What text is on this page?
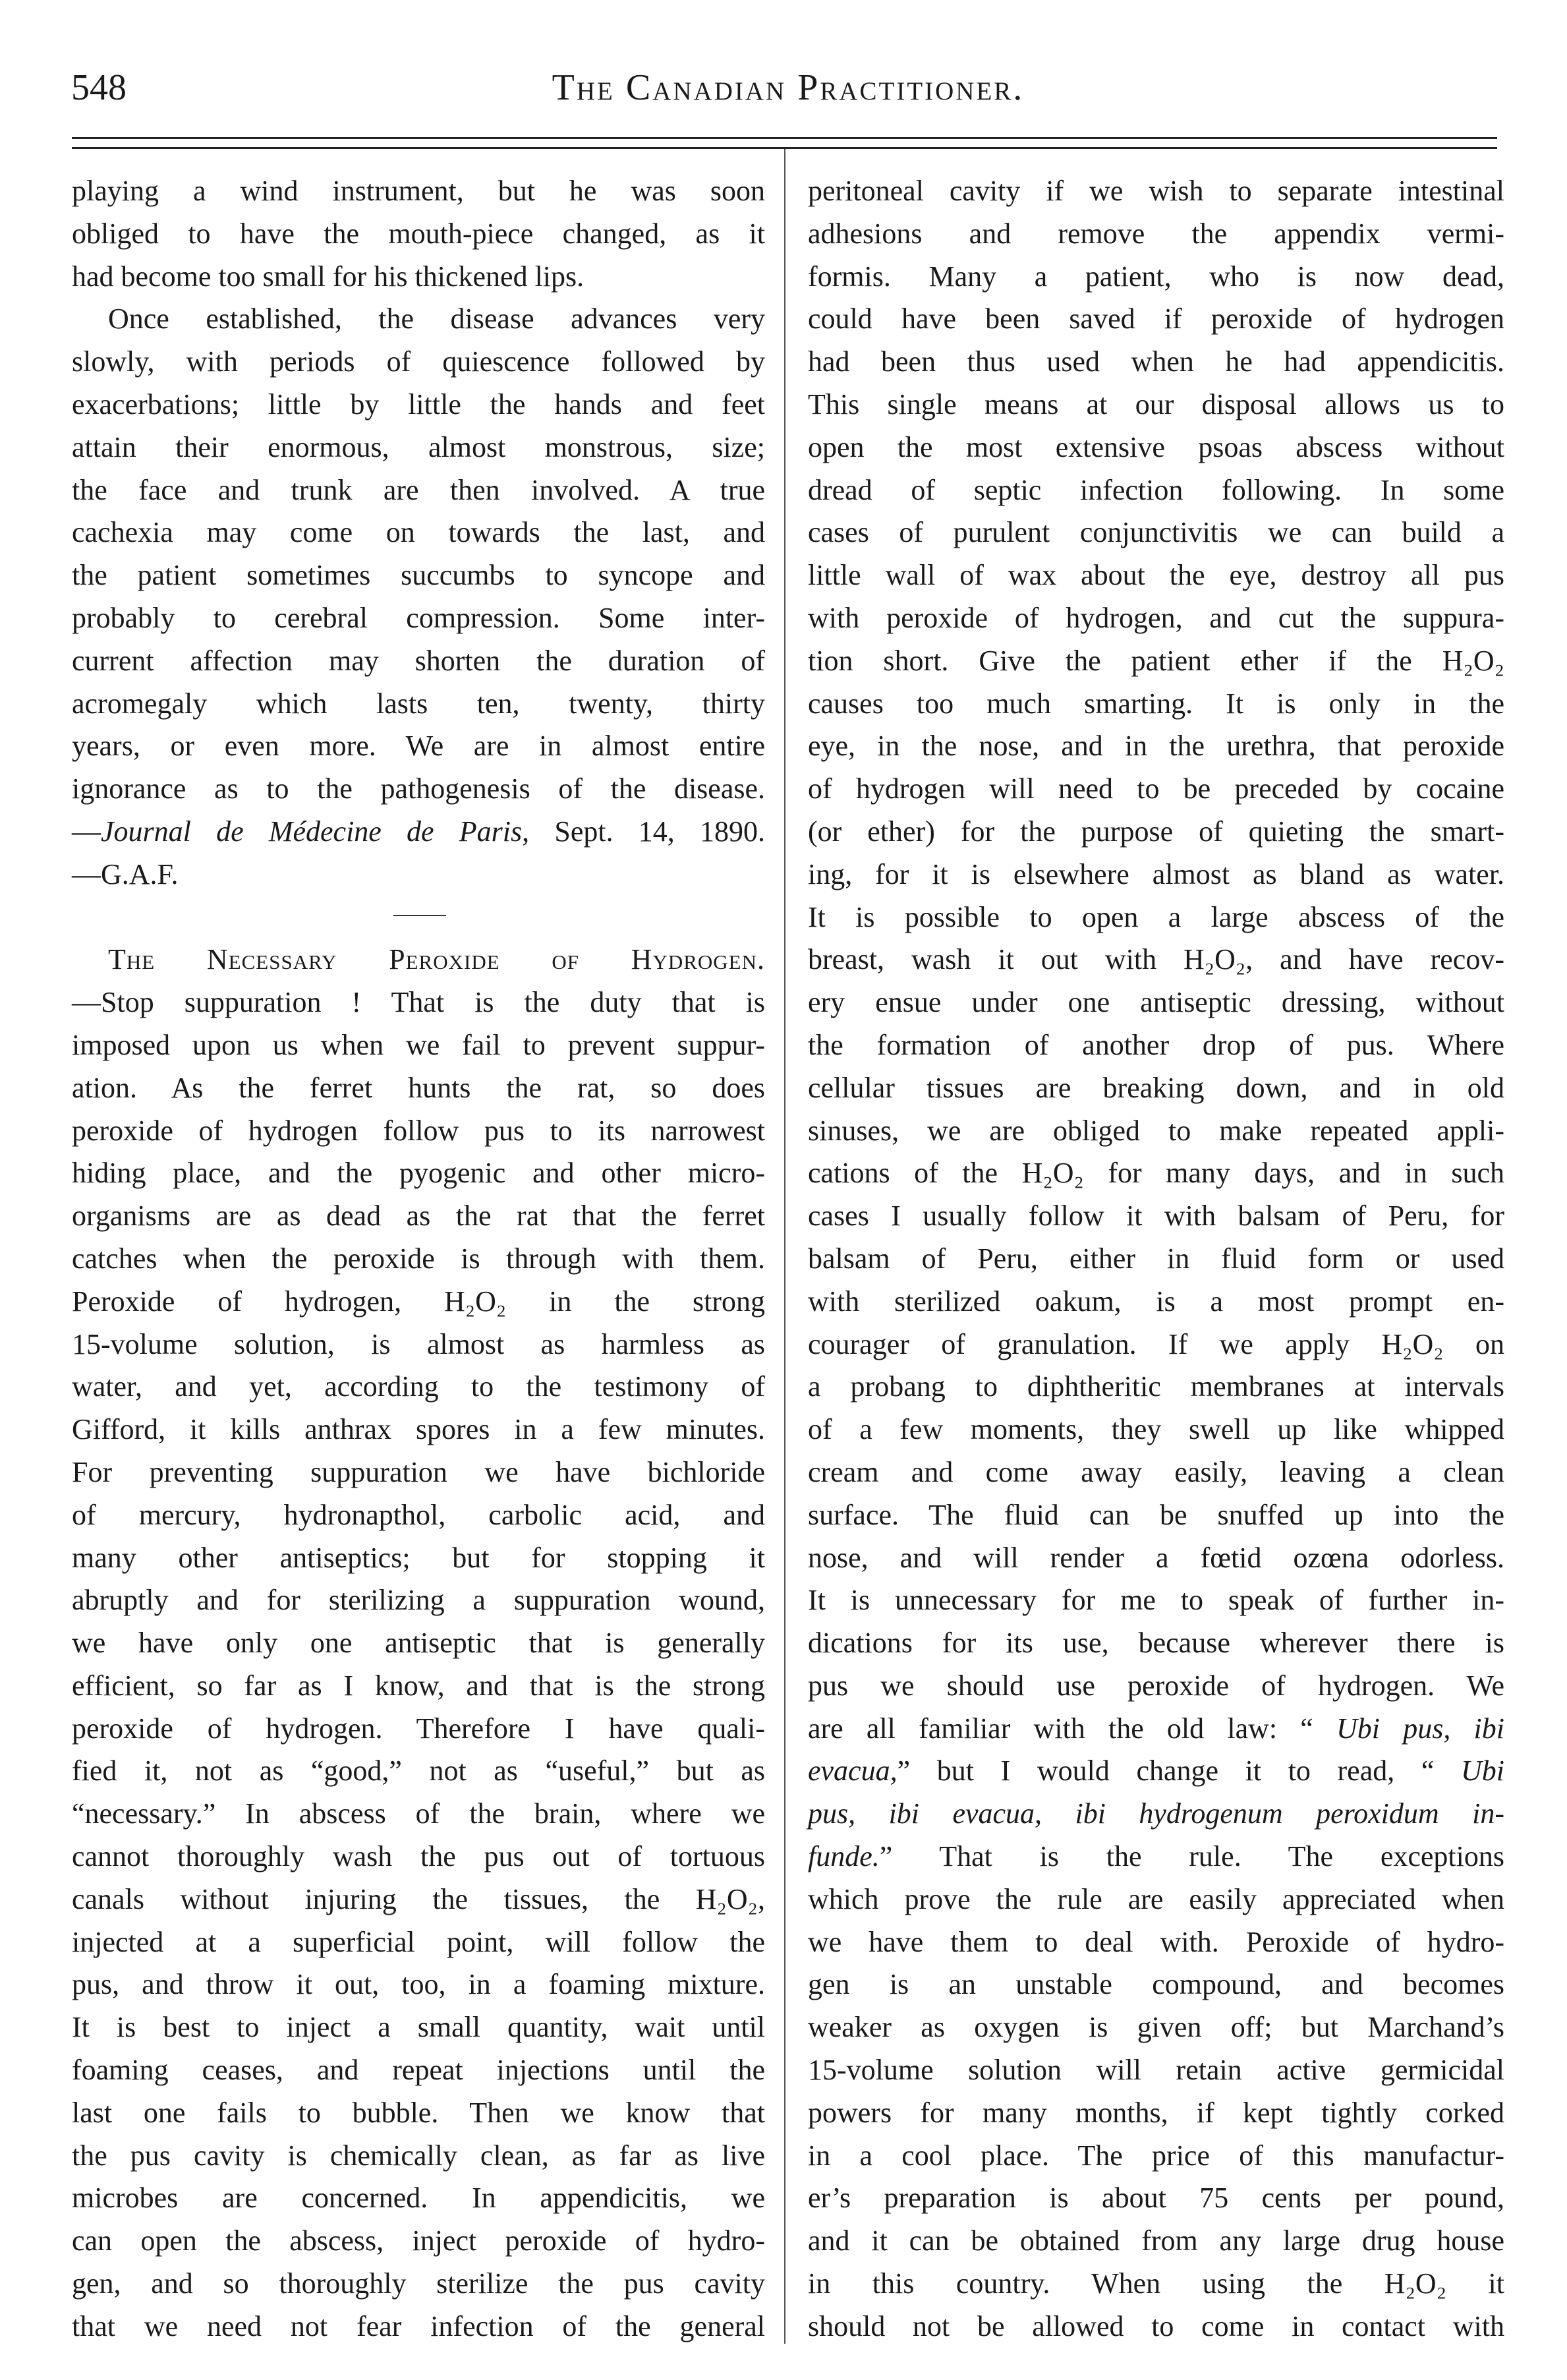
548	The Canadian Practitioner.
playing a wind instrument, but he was soon
obliged to have the mouth-piece changed, as it
had become too small for his thickened lips.
Once established, the disease advances very
slowly, with periods of quiescence followed by
exacerbations; little by little the hands and feet
attain their enormous, almost monstrous, size;
the face and trunk are then involved. A true
cachexia may come on towards the last, and
the patient sometimes succumbs to syncope and
probably to cerebral compression. Some inter-
current affection may shorten the duration of
acromegaly which lasts ten, twenty, thirty
years, or even more. We are in almost entire
ignorance as to the pathogenesis of the disease.
—Journal de Médecine de Paris, Sept. 14, 1890.
—G.A.F.
The Necessary Peroxide of Hydrogen.
—Stop suppuration ! That is the duty that is
imposed upon us when we fail to prevent suppur-
ation. As the ferret hunts the rat, so does
peroxide of hydrogen follow pus to its narrowest
hiding place, and the pyogenic and other micro-
organisms are as dead as the rat that the ferret
catches when the peroxide is through with them.
Peroxide of hydrogen, H₂O₂ in the strong
15-volume solution, is almost as harmless as
water, and yet, according to the testimony of
Gifford, it kills anthrax spores in a few minutes.
For preventing suppuration we have bichloride
of mercury, hydronapthol, carbolic acid, and
many other antiseptics; but for stopping it
abruptly and for sterilizing a suppuration wound,
we have only one antiseptic that is generally
efficient, so far as I know, and that is the strong
peroxide of hydrogen. Therefore I have quali-
fied it, not as “good,” not as “useful,” but as
“necessary.” In abscess of the brain, where we
cannot thoroughly wash the pus out of tortuous
canals without injuring the tissues, the H₂O₂,
injected at a superficial point, will follow the
pus, and throw it out, too, in a foaming mixture.
It is best to inject a small quantity, wait until
foaming ceases, and repeat injections until the
last one fails to bubble. Then we know that
the pus cavity is chemically clean, as far as live
microbes are concerned. In appendicitis, we
can open the abscess, inject peroxide of hydro-
gen, and so thoroughly sterilize the pus cavity
that we need not fear infection of the general
peritoneal cavity if we wish to separate intestinal
adhesions and remove the appendix vermi-
formis. Many a patient, who is now dead,
could have been saved if peroxide of hydrogen
had been thus used when he had appendicitis.
This single means at our disposal allows us to
open the most extensive psoas abscess without
dread of septic infection following. In some
cases of purulent conjunctivitis we can build a
little wall of wax about the eye, destroy all pus
with peroxide of hydrogen, and cut the suppura-
tion short. Give the patient ether if the H₂O₂
causes too much smarting. It is only in the
eye, in the nose, and in the urethra, that peroxide
of hydrogen will need to be preceded by cocaine
(or ether) for the purpose of quieting the smart-
ing, for it is elsewhere almost as bland as water.
It is possible to open a large abscess of the
breast, wash it out with H₂O₂, and have recov-
ery ensue under one antiseptic dressing, without
the formation of another drop of pus. Where
cellular tissues are breaking down, and in old
sinuses, we are obliged to make repeated appli-
cations of the H₂O₂ for many days, and in such
cases I usually follow it with balsam of Peru, for
balsam of Peru, either in fluid form or used
with sterilized oakum, is a most prompt en-
courager of granulation. If we apply H₂O₂ on
a probang to diphtheritic membranes at intervals
of a few moments, they swell up like whipped
cream and come away easily, leaving a clean
surface. The fluid can be snuffed up into the
nose, and will render a fœtid ozœna odorless.
It is unnecessary for me to speak of further in-
dications for its use, because wherever there is
pus we should use peroxide of hydrogen. We
are all familiar with the old law: “ Ubi pus, ibi
evacua,” but I would change it to read, “ Ubi
pus, ibi evacua, ibi hydrogenum peroxidum in-
funde.” That is the rule. The exceptions
which prove the rule are easily appreciated when
we have them to deal with. Peroxide of hydro-
gen is an unstable compound, and becomes
weaker as oxygen is given off; but Marchand’s
15-volume solution will retain active germicidal
powers for many months, if kept tightly corked
in a cool place. The price of this manufactur-
er’s preparation is about 75 cents per pound,
and it can be obtained from any large drug house
in this country. When using the H₂O₂ it
should not be allowed to come in contact with
